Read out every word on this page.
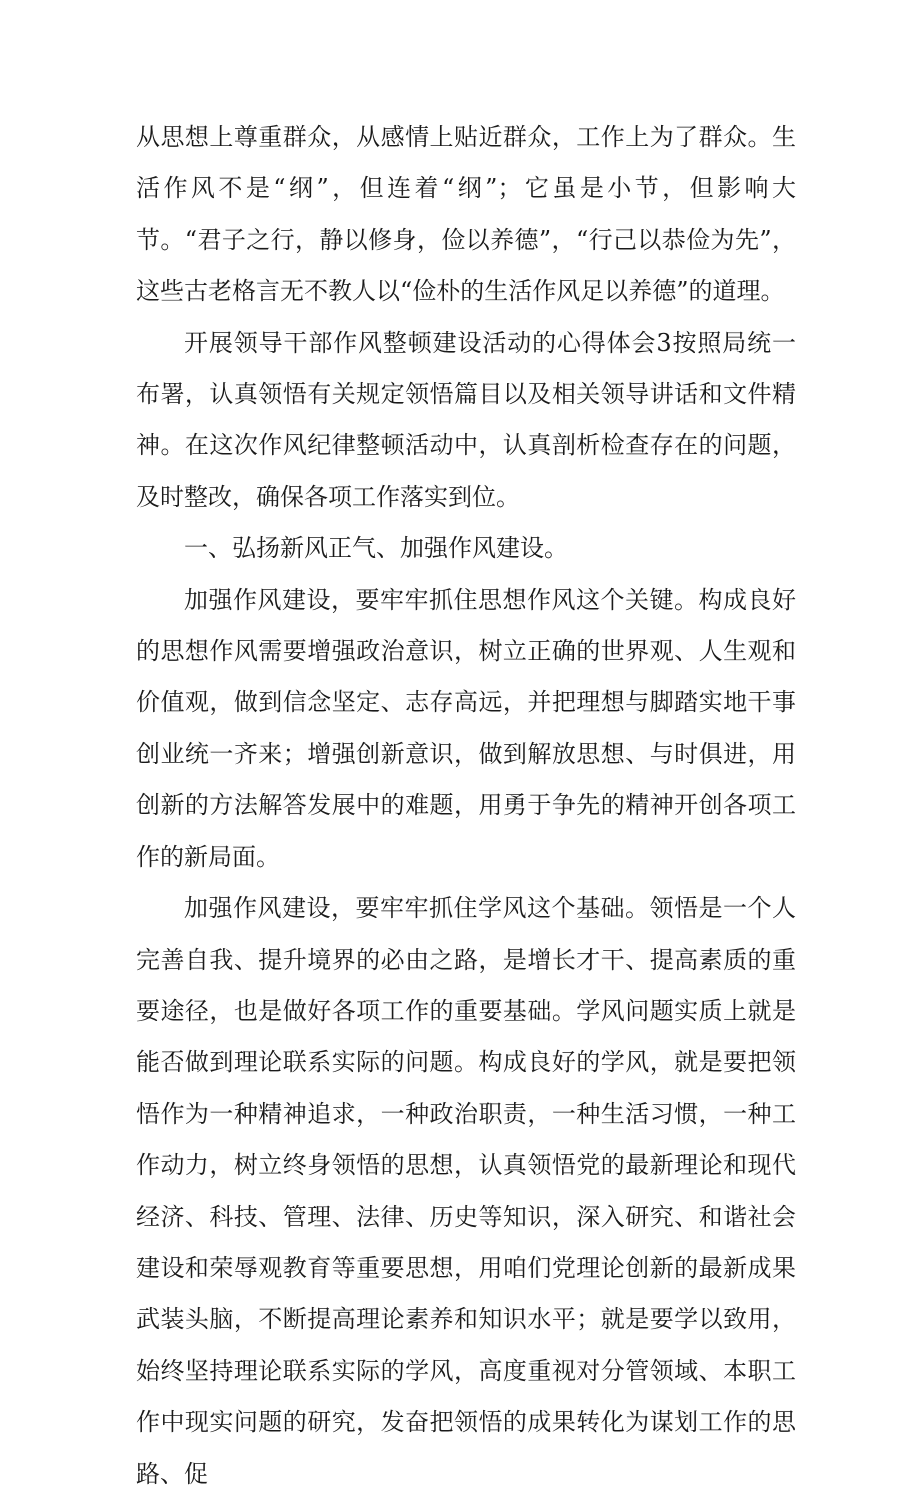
从思想上尊重群众，从感情上贴近群众，工作上为了群众。生活作风不是“纲”，但连着“纲”；它虽是小节，但影响大节。“君子之行，静以修身，俭以养德”，“行己以恭俭为先”，这些古老格言无不教人以“俭朴的生活作风足以养德”的道理。

开展领导干部作风整顿建设活动的心得体会3按照局统一布署，认真领悟有关规定领悟篇目以及相关领导讲话和文件精神。在这次作风纪律整顿活动中，认真剖析检查存在的问题，及时整改，确保各项工作落实到位。

一、弘扬新风正气、加强作风建设。

加强作风建设，要牢牢抓住思想作风这个关键。构成良好的思想作风需要增强政治意识，树立正确的世界观、人生观和价值观，做到信念坚定、志存高远，并把理想与脚踏实地干事创业统一齐来；增强创新意识，做到解放思想、与时俱进，用创新的方法解答发展中的难题，用勇于争先的精神开创各项工作的新局面。

加强作风建设，要牢牢抓住学风这个基础。领悟是一个人完善自我、提升境界的必由之路，是增长才干、提高素质的重要途径，也是做好各项工作的重要基础。学风问题实质上就是能否做到理论联系实际的问题。构成良好的学风，就是要把领悟作为一种精神追求，一种政治职责，一种生活习惯，一种工作动力，树立终身领悟的思想，认真领悟党的最新理论和现代经济、科技、管理、法律、历史等知识，深入研究、和谐社会建设和荣辱观教育等重要思想，用咱们党理论创新的最新成果武装头脑，不断提高理论素养和知识水平；就是要学以致用，始终坚持理论联系实际的学风，高度重视对分管领域、本职工作中现实问题的研究，发奋把领悟的成果转化为谋划工作的思路、促
